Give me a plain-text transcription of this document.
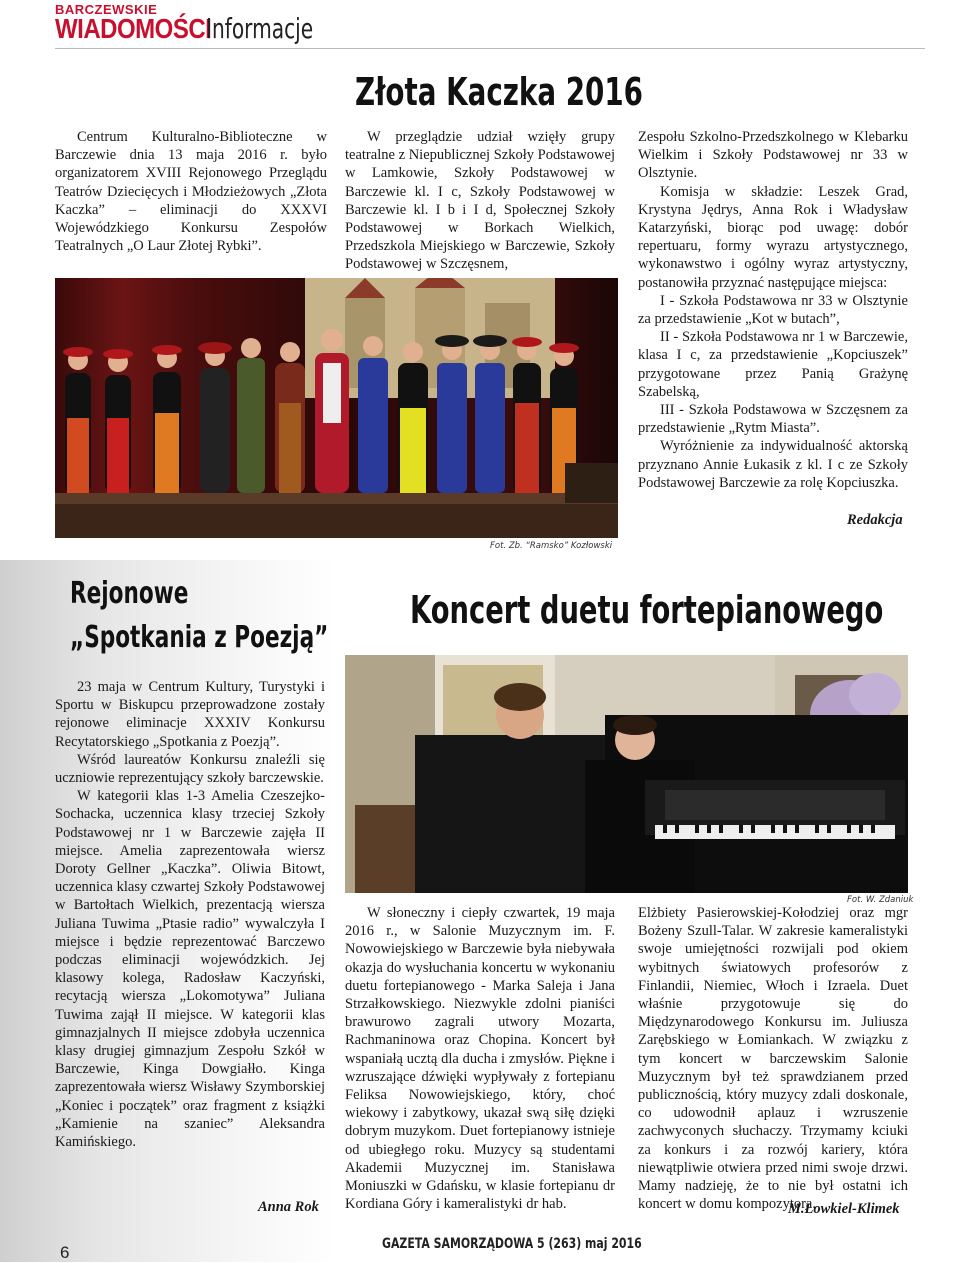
BARCZEWSKIE
WIADOMOŚCI
Informacje
Złota Kaczka 2016

Centrum Kulturalno-Biblioteczne w Barczewie dnia 13 maja 2016 r. było organizatorem XVIII Rejonowego Przeglądu Teatrów Dziecięcych i Młodzieżowych „Złota Kaczka” – eliminacji do XXXVI Wojewódzkiego Konkursu Zespołów Teatralnych „O Laur Złotej Rybki”.

W przeglądzie udział wzięły grupy teatralne z Niepublicznej Szkoły Podstawowej w Lamkowie, Szkoły Podstawowej w Barczewie kl. I c, Szkoły Podstawowej w Barczewie kl. I b i I d, Społecznej Szkoły Podstawowej w Borkach Wielkich, Przedszkola Miejskiego w Barczewie, Szkoły Podstawowej w Szczęsnem,

Zespołu Szkolno-Przedszkolnego w Klebarku Wielkim i Szkoły Podstawowej nr 33 w Olsztynie.

Komisja w składzie: Leszek Grad, Krystyna Jędrys, Anna Rok i Władysław Katarzyński, biorąc pod uwagę: dobór repertuaru, formy wyrazu artystycznego, wykonawstwo i ogólny wyraz artystyczny, postanowiła przyznać następujące miejsca:

I - Szkoła Podstawowa nr 33 w Olsztynie za przedstawienie „Kot w butach”,

II - Szkoła Podstawowa nr 1 w Barczewie, klasa I c, za przedstawienie „Kopciuszek” przygotowane przez Panią Grażynę Szabelską,

III - Szkoła Podstawowa w Szczęsnem za przedstawienie „Rytm Miasta”.

Wyróżnienie za indywidualność aktorską przyznano Annie Łukasik z kl. I c ze Szkoły Podstawowej Barczewie za rolę Kopciuszka.

Fot. Zb. “Ramsko” Kozłowski
Redakcja
Rejonowe
„Spotkania z Poezją”

23 maja w Centrum Kultury, Turystyki i Sportu w Biskupcu przeprowadzone zostały rejonowe eliminacje XXXIV Konkursu Recytatorskiego „Spotkania z Poezją”.

Wśród laureatów Konkursu znaleźli się uczniowie reprezentujący szkoły barczewskie.

W kategorii klas 1-3 Amelia Czeszejko-Sochacka, uczennica klasy trzeciej Szkoły Podstawowej nr 1 w Barczewie zajęła II miejsce. Amelia zaprezentowała wiersz Doroty Gellner „Kaczka”. Oliwia Bitowt, uczennica klasy czwartej Szkoły Podstawowej w Bartołtach Wielkich, prezentacją wiersza Juliana Tuwima „Ptasie radio” wywalczyła I miejsce i będzie reprezentować Barczewo podczas eliminacji wojewódzkich. Jej klasowy kolega, Radosław Kaczyński, recytacją wiersza „Lokomotywa” Juliana Tuwima zajął II miejsce. W kategorii klas gimnazjalnych II miejsce zdobyła uczennica klasy drugiej gimnazjum Zespołu Szkół w Barczewie, Kinga Dowgiałło. Kinga zaprezentowała wiersz Wisławy Szymborskiej „Koniec i początek” oraz fragment z książki „Kamienie na szaniec” Aleksandra Kamińskiego.

Anna Rok
Koncert duetu fortepianowego
Fot. W. Zdaniuk

W słoneczny i ciepły czwartek, 19 maja 2016 r., w Salonie Muzycznym im. F. Nowowiejskiego w Barczewie była niebywała okazja do wysłuchania koncertu w wykonaniu duetu fortepianowego - Marka Saleja i Jana Strzałkowskiego. Niezwykle zdolni pianiści brawurowo zagrali utwory Mozarta, Rachmaninowa oraz Chopina. Koncert był wspaniałą ucztą dla ducha i zmysłów. Piękne i wzruszające dźwięki wypływały z fortepianu Feliksa Nowowiejskiego, który, choć wiekowy i zabytkowy, ukazał swą siłę dzięki dobrym muzykom. Duet fortepianowy istnieje od ubiegłego roku. Muzycy są studentami Akademii Muzycznej im. Stanisława Moniuszki w Gdańsku, w klasie fortepianu dr Kordiana Góry i kameralistyki dr hab.

Elżbiety Pasierowskiej-Kołodziej oraz mgr Bożeny Szull-Talar. W zakresie kameralistyki swoje umiejętności rozwijali pod okiem wybitnych światowych profesorów z Finlandii, Niemiec, Włoch i Izraela. Duet właśnie przygotowuje się do Międzynarodowego Konkursu im. Juliusza Zarębskiego w Łomiankach. W związku z tym koncert w barczewskim Salonie Muzycznym był też sprawdzianem przed publicznością, który muzycy zdali doskonale, co udowodnił aplauz i wzruszenie zachwyconych słuchaczy. Trzymamy kciuki za konkurs i za rozwój kariery, która niewątpliwie otwiera przed nimi swoje drzwi. Mamy nadzieję, że to nie był ostatni ich koncert w domu kompozytora.

M.Łowkiel-Klimek
6	GAZETA SAMORZĄDOWA 5 (263) maj 2016
